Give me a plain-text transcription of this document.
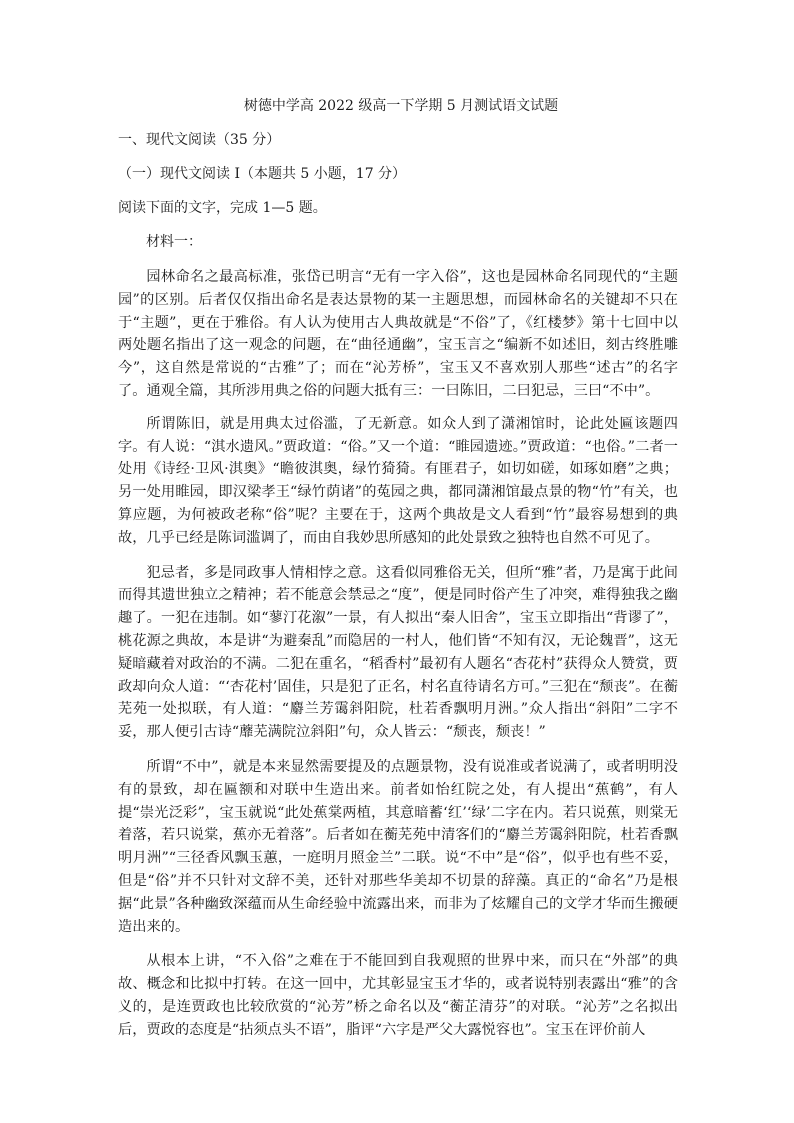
树德中学高 2022 级高一下学期 5 月测试语文试题
一、现代文阅读（35 分）
（一）现代文阅读 I（本题共 5 小题，17 分）
阅读下面的文字，完成 1—5 题。
材料一：

园林命名之最高标准，张岱已明言“无有一字入俗”，这也是园林命名同现代的“主题园”的区别。后者仅仅指出命名是表达景物的某一主题思想，而园林命名的关键却不只在于“主题”，更在于雅俗。有人认为使用古人典故就是“不俗”了，《红楼梦》第十七回中以两处题名指出了这一观念的问题，在“曲径通幽”，宝玉言之“编新不如述旧，刻古终胜雕今”，这自然是常说的“古雅”了；而在“沁芳桥”，宝玉又不喜欢别人那些“述古”的名字了。通观全篇，其所涉用典之俗的问题大抵有三：一曰陈旧，二曰犯忌，三曰“不中”。

所谓陈旧，就是用典太过俗滥，了无新意。如众人到了潇湘馆时，论此处匾该题四字。有人说：“淇水遗风。”贾政道：“俗。”又一个道：“睢园遗迹。”贾政道：“也俗。”二者一处用《诗经·卫风·淇奥》“瞻彼淇奥，绿竹猗猗。有匪君子，如切如磋，如琢如磨”之典；另一处用睢园，即汉梁孝王“绿竹荫诸”的菟园之典，都同潇湘馆最点景的物“竹”有关，也算应题，为何被政老称“俗”呢？主要在于，这两个典故是文人看到“竹”最容易想到的典故，几乎已经是陈词滥调了，而由自我妙思所感知的此处景致之独特也自然不可见了。

犯忌者，多是同政事人情相悖之意。这看似同雅俗无关，但所“雅”者，乃是寓于此间而得其遗世独立之精神；若不能意会禁忌之“度”，便是同时俗产生了冲突，难得独我之幽趣了。一犯在违制。如“蓼汀花溆”一景，有人拟出“秦人旧舍”，宝玉立即指出“背谬了”，桃花源之典故，本是讲“为避秦乱”而隐居的一村人，他们皆“不知有汉，无论魏晋”，这无疑暗藏着对政治的不满。二犯在重名，“稻香村”最初有人题名“杏花村”获得众人赞赏，贾政却向众人道：“‘杏花村’固佳，只是犯了正名，村名直待请名方可。”三犯在“颓丧”。在蘅芜苑一处拟联，有人道：“麝兰芳霭斜阳院，杜若香飘明月洲。”众人指出“斜阳”二字不妥，那人便引古诗“蘼芜满院泣斜阳”句，众人皆云：“颓丧，颓丧！”

所谓“不中”，就是本来显然需要提及的点题景物，没有说准或者说满了，或者明明没有的景致，却在匾额和对联中生造出来。前者如怡红院之处，有人提出“蕉鹤”，有人提“崇光泛彩”，宝玉就说“此处蕉棠两植，其意暗蓄‘红’‘绿’二字在内。若只说蕉，则棠无着落，若只说棠，蕉亦无着落”。后者如在蘅芜苑中清客们的“麝兰芳霭斜阳院，杜若香飘明月洲”“三径香风飘玉蕙，一庭明月照金兰”二联。说“不中”是“俗”，似乎也有些不妥，但是“俗”并不只针对文辞不美，还针对那些华美却不切景的辞藻。真正的“命名”乃是根据“此景”各种幽致深蕴而从生命经验中流露出来，而非为了炫耀自己的文学才华而生搬硬造出来的。

从根本上讲，“不入俗”之难在于不能回到自我观照的世界中来，而只在“外部”的典故、概念和比拟中打转。在这一回中，尤其彰显宝玉才华的，或者说特别表露出“雅”的含义的，是连贾政也比较欣赏的“沁芳”桥之命名以及“蘅芷清芬”的对联。“沁芳”之名拟出后，贾政的态度是“拈须点头不语”，脂评“六字是严父大露悦容也”。宝玉在评价前人
